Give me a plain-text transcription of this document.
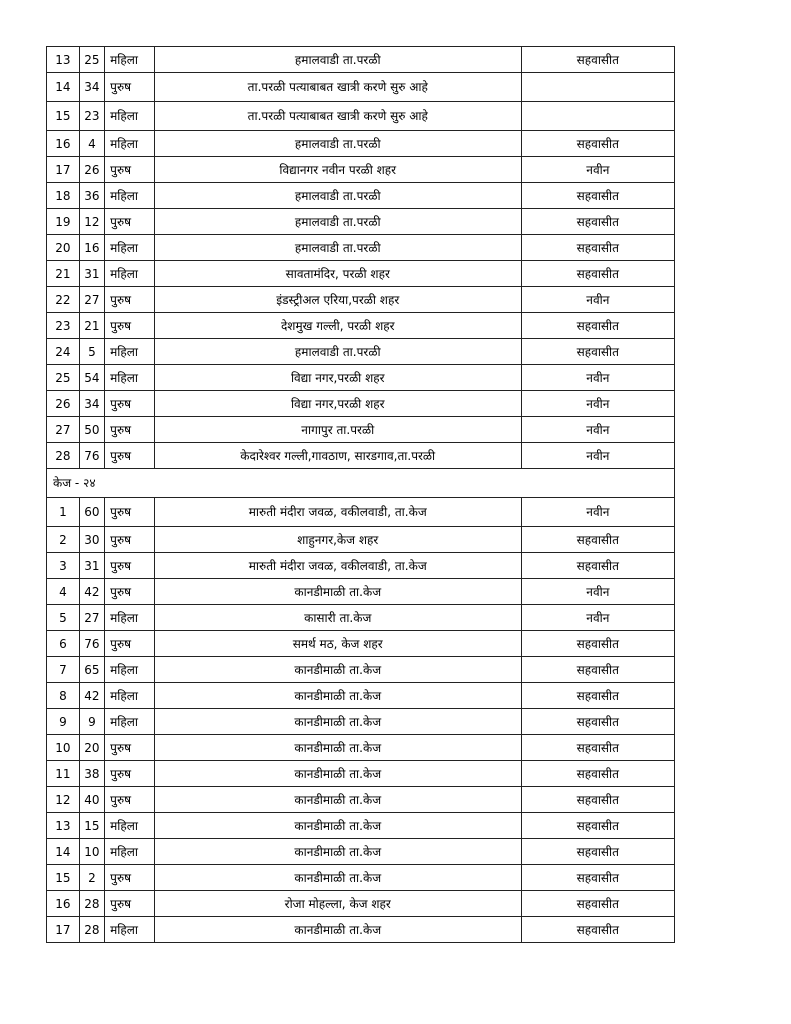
13	25	महिला	हमालवाडी ता.परळी	सहवासीत
14	34	पुरुष	ता.परळी पत्याबाबत खात्री करणे सुरु आहे	
15	23	महिला	ता.परळी पत्याबाबत खात्री करणे सुरु आहे	
16	4	महिला	हमालवाडी ता.परळी	सहवासीत
17	26	पुरुष	विद्यानगर नवीन परळी शहर	नवीन
18	36	महिला	हमालवाडी ता.परळी	सहवासीत
19	12	पुरुष	हमालवाडी ता.परळी	सहवासीत
20	16	महिला	हमालवाडी ता.परळी	सहवासीत
21	31	महिला	सावतामंदिर, परळी शहर	सहवासीत
22	27	पुरुष	इंडस्ट्रीअल एरिया,परळी शहर	नवीन
23	21	पुरुष	देशमुख गल्ली, परळी शहर	सहवासीत
24	5	महिला	हमालवाडी ता.परळी	सहवासीत
25	54	महिला	विद्या नगर,परळी शहर	नवीन
26	34	पुरुष	विद्या नगर,परळी शहर	नवीन
27	50	पुरुष	नागापुर ता.परळी	नवीन
28	76	पुरुष	केदारेश्वर गल्ली,गावठाण, सारडगाव,ता.परळी	नवीन
केज - २४				
1	60	पुरुष	मारुती मंदीरा जवळ, वकीलवाडी, ता.केज	नवीन
2	30	पुरुष	शाहुनगर,केज शहर	सहवासीत
3	31	पुरुष	मारुती मंदीरा जवळ, वकीलवाडी, ता.केज	सहवासीत
4	42	पुरुष	कानडीमाळी ता.केज	नवीन
5	27	महिला	कासारी ता.केज	नवीन
6	76	पुरुष	समर्थ मठ, केज शहर	सहवासीत
7	65	महिला	कानडीमाळी ता.केज	सहवासीत
8	42	महिला	कानडीमाळी ता.केज	सहवासीत
9	9	महिला	कानडीमाळी ता.केज	सहवासीत
10	20	पुरुष	कानडीमाळी ता.केज	सहवासीत
11	38	पुरुष	कानडीमाळी ता.केज	सहवासीत
12	40	पुरुष	कानडीमाळी ता.केज	सहवासीत
13	15	महिला	कानडीमाळी ता.केज	सहवासीत
14	10	महिला	कानडीमाळी ता.केज	सहवासीत
15	2	पुरुष	कानडीमाळी ता.केज	सहवासीत
16	28	पुरुष	रोजा मोहल्ला, केज शहर	सहवासीत
17	28	महिला	कानडीमाळी ता.केज	सहवासीत
